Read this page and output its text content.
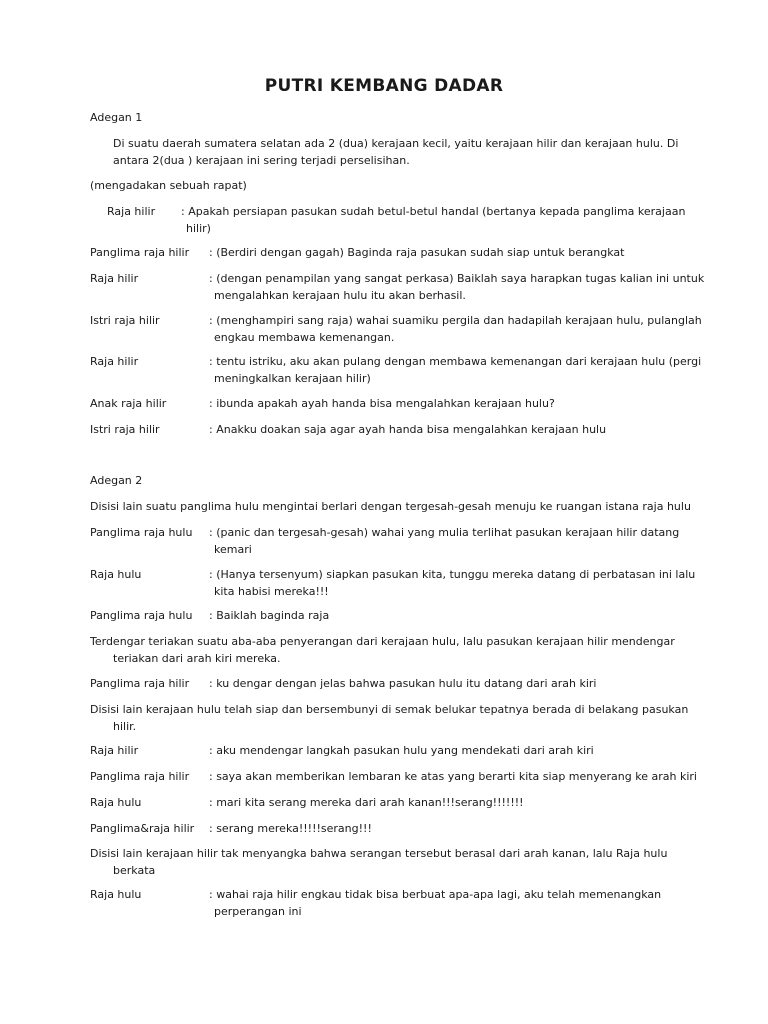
PUTRI KEMBANG DADAR
Adegan 1
Di suatu daerah sumatera selatan ada 2 (dua) kerajaan kecil, yaitu kerajaan hilir dan kerajaan hulu. Di antara 2(dua ) kerajaan ini sering terjadi perselisihan.
(mengadakan sebuah rapat)
Raja hilir : Apakah persiapan pasukan sudah betul-betul handal (bertanya kepada panglima kerajaan hilir)
Panglima raja hilir : (Berdiri dengan gagah) Baginda raja pasukan sudah siap untuk berangkat
Raja hilir	: (dengan penampilan yang sangat perkasa) Baiklah saya harapkan tugas kalian ini untuk mengalahkan kerajaan hulu itu akan berhasil.
Istri raja hilir	: (menghampiri sang raja) wahai suamiku pergila dan hadapilah kerajaan hulu, pulanglah engkau membawa kemenangan.
Raja hilir	: tentu istriku, aku akan pulang dengan membawa kemenangan dari kerajaan hulu (pergi meningkalkan kerajaan hilir)
Anak raja hilir	: ibunda apakah ayah handa bisa mengalahkan kerajaan hulu?
Istri raja hilir	: Anakku doakan saja agar ayah handa bisa mengalahkan kerajaan hulu
Adegan 2
Disisi lain suatu panglima hulu mengintai berlari dengan tergesah-gesah menuju ke ruangan istana raja hulu
Panglima raja hulu : (panic dan tergesah-gesah) wahai yang mulia terlihat pasukan kerajaan hilir datang kemari
Raja hulu	: (Hanya tersenyum) siapkan pasukan kita, tunggu mereka datang di perbatasan ini lalu kita habisi mereka!!!
Panglima raja hulu : Baiklah baginda raja
Terdengar teriakan suatu aba-aba penyerangan dari kerajaan hulu, lalu pasukan kerajaan hilir mendengar teriakan dari arah kiri mereka.
Panglima raja hilir : ku dengar dengan jelas bahwa pasukan hulu itu datang dari arah kiri
Disisi lain kerajaan hulu telah siap dan bersembunyi di semak belukar tepatnya berada di belakang pasukan hilir.
Raja hilir	: aku mendengar langkah pasukan hulu yang mendekati dari arah kiri
Panglima raja hilir : saya akan memberikan lembaran ke atas yang berarti kita siap menyerang ke arah kiri
Raja hulu	: mari kita serang mereka dari arah kanan!!!serang!!!!!!!
Panglima&raja hilir : serang mereka!!!!!serang!!!
Disisi lain kerajaan hilir tak menyangka bahwa serangan tersebut berasal dari arah kanan, lalu Raja hulu berkata
Raja hulu	: wahai raja hilir engkau tidak bisa berbuat apa-apa lagi, aku telah memenangkan perperangan ini
